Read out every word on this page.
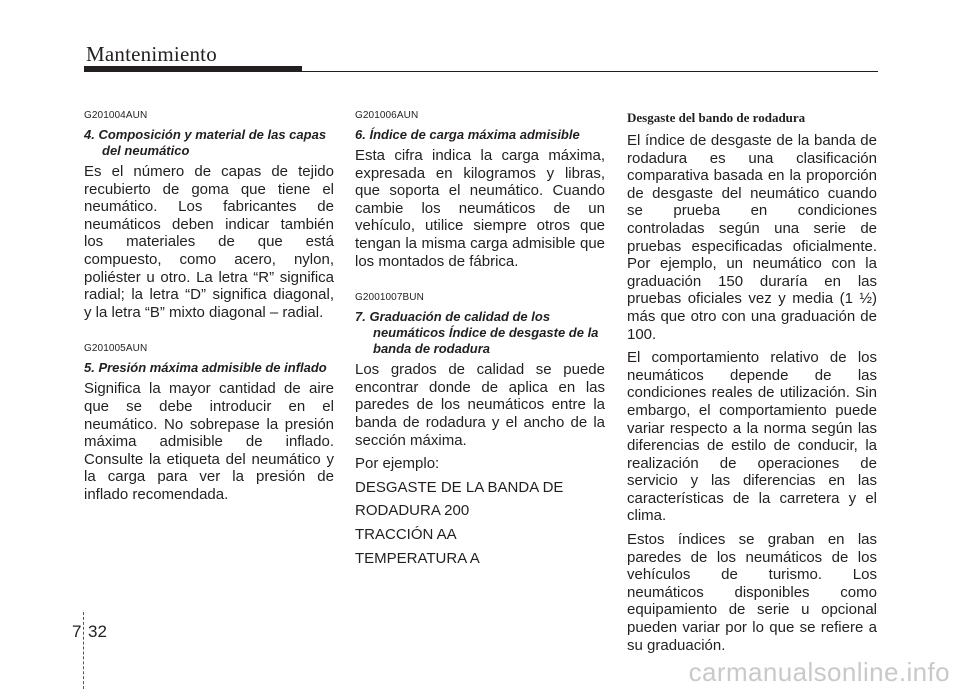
Mantenimiento

G201004AUN

4. Composición y material de las capas del neumático

Es el número de capas de tejido recubierto de goma que tiene el neumático. Los fabricantes de neumáticos deben indicar también los materiales de que está compuesto, como acero, nylon, poliéster u otro. La letra “R” significa radial; la letra “D” significa diagonal, y la letra “B” mixto diagonal – radial.

G201005AUN

5. Presión máxima admisible de inflado

Significa la mayor cantidad de aire que se debe introducir en el neumático. No sobrepase la presión máxima admisible de inflado. Consulte la etiqueta del neumático y la carga para ver la presión de inflado recomendada.

G201006AUN

6. Índice de carga máxima admisible

Esta cifra indica la carga máxima, expresada en kilogramos y libras, que soporta el neumático. Cuando cambie los neumáticos de un vehículo, utilice siempre otros que tengan la misma carga admisible que los montados de fábrica.

G2001007BUN

7. Graduación de calidad de los neumáticos Índice de desgaste de la banda de rodadura

Los grados de calidad se puede encontrar donde de aplica en las paredes de los neumáticos entre la banda de rodadura y el ancho de la sección máxima.

Por ejemplo:

DESGASTE DE LA BANDA DE

RODADURA 200

TRACCIÓN AA

TEMPERATURA A

Desgaste del bando de rodadura

El índice de desgaste de la banda de rodadura es una clasificación comparativa basada en la proporción de desgaste del neumático cuando se prueba en condiciones controladas según una serie de pruebas especificadas oficialmente. Por ejemplo, un neumático con la graduación 150 duraría en las pruebas oficiales vez y media (1 ½) más que otro con una graduación de 100.

El comportamiento relativo de los neumáticos depende de las condiciones reales de utilización. Sin embargo, el comportamiento puede variar respecto a la norma según las diferencias de estilo de conducir, la realización de operaciones de servicio y las diferencias en las características de la carretera y el clima.

Estos índices se graban en las paredes de los neumáticos de los vehículos de turismo. Los neumáticos disponibles como equipamiento de serie u opcional pueden variar por lo que se refiere a su graduación.

7 32

carmanualsonline.info
